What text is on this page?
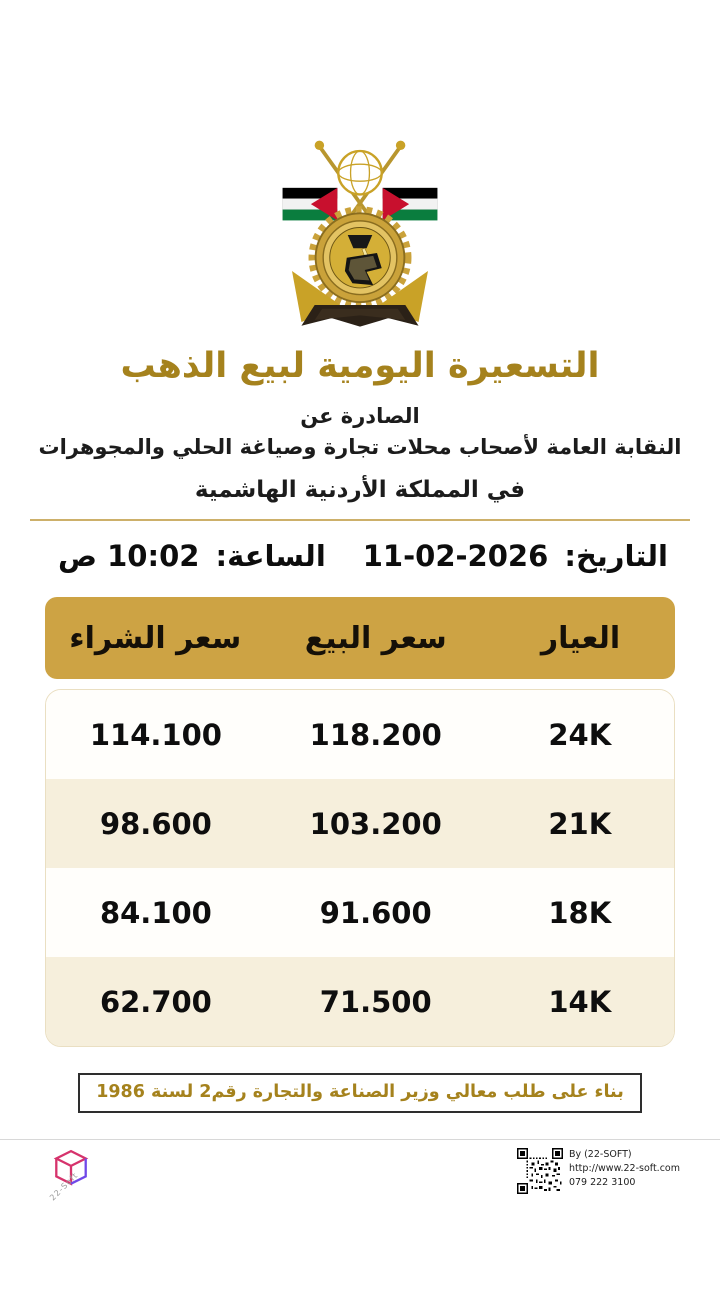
التسعيرة اليومية لبيع الذهب
الصادرة عن
النقابة العامة لأصحاب محلات تجارة وصياغة الحلي والمجوهرات
في المملكة الأردنية الهاشمية
التاريخ: 11-02-2026
الساعة: 10:02 ص
العيار
سعر البيع
سعر الشراء
24K
118.200
114.100
21K
103.200
98.600
18K
91.600
84.100
14K
71.500
62.700
بناء على طلب معالي وزير الصناعة والتجارة رقم2 لسنة 1986
22-Soft
By (22-SOFT)
http://www.22-soft.com
079 222 3100
